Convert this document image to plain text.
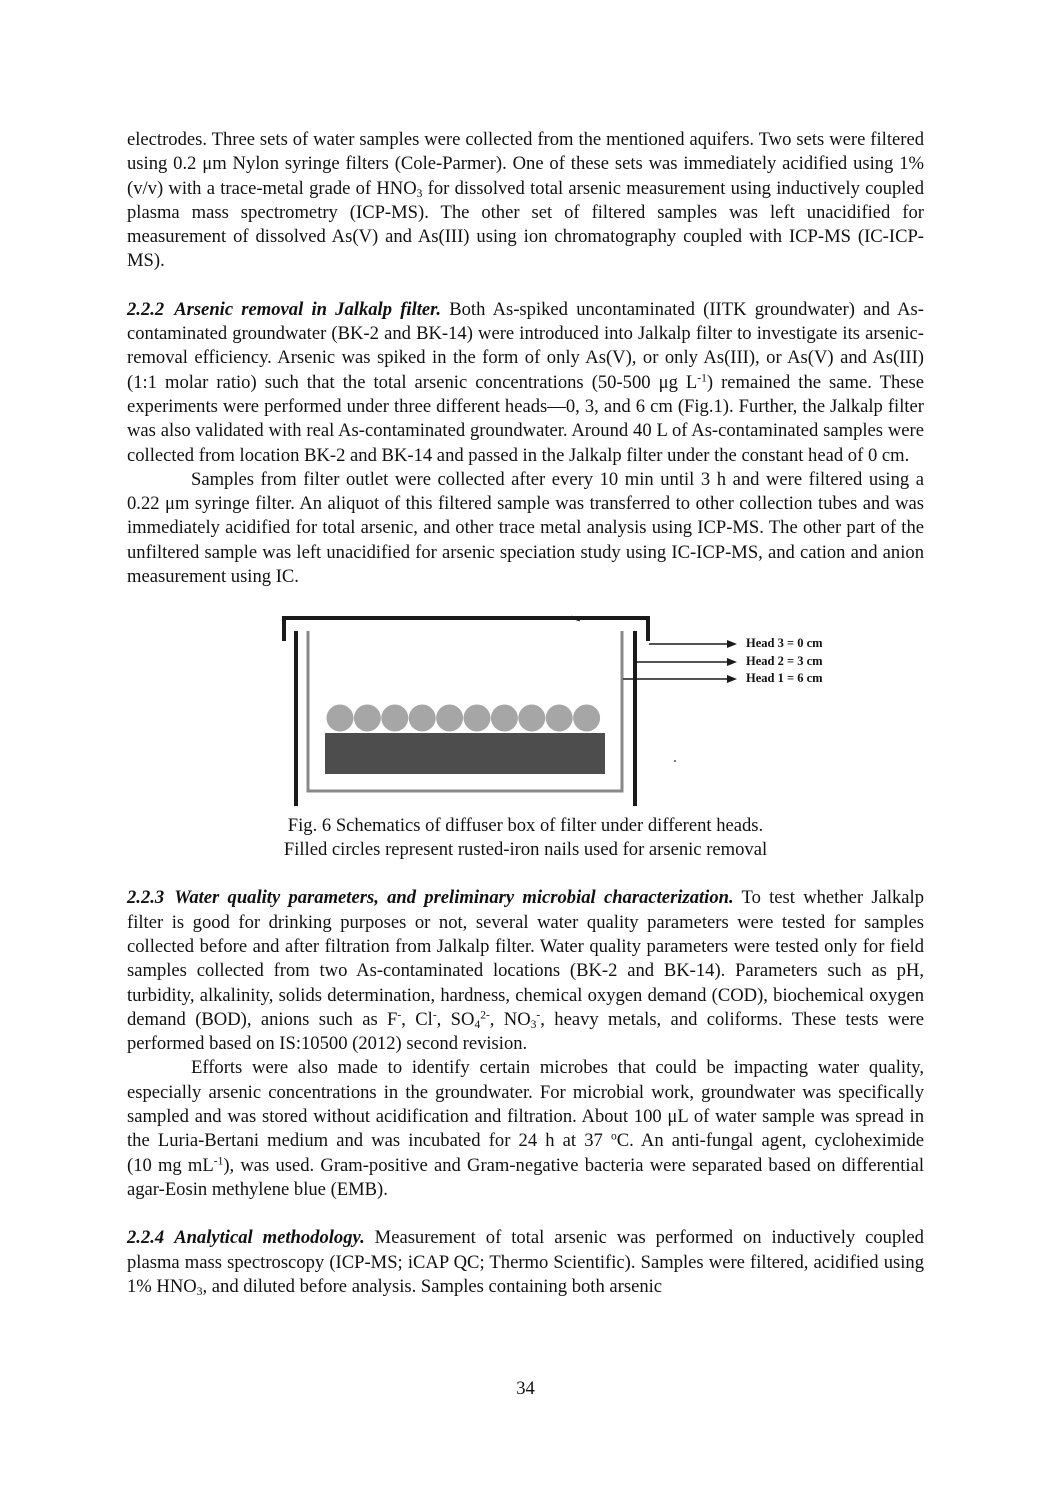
electrodes. Three sets of water samples were collected from the mentioned aquifers. Two sets were filtered using 0.2 μm Nylon syringe filters (Cole-Parmer). One of these sets was immediately acidified using 1% (v/v) with a trace-metal grade of $HNO_3$ for dissolved total arsenic measurement using inductively coupled plasma mass spectrometry (ICP-MS). The other set of filtered samples was left unacidified for measurement of dissolved As(V) and As(III) using ion chromatography coupled with ICP-MS (IC-ICP-MS).

2.2.2 Arsenic removal in Jalkalp filter. Both As-spiked uncontaminated (IITK groundwater) and As-contaminated groundwater (BK-2 and BK-14) were introduced into Jalkalp filter to investigate its arsenic-removal efficiency. Arsenic was spiked in the form of only As(V), or only As(III), or As(V) and As(III) (1:1 molar ratio) such that the total arsenic concentrations (50-500 μg $L^{-1}$) remained the same. These experiments were performed under three different heads—0, 3, and 6 cm (Fig.1). Further, the Jalkalp filter was also validated with real As-contaminated groundwater. Around 40 L of As-contaminated samples were collected from location BK-2 and BK-14 and passed in the Jalkalp filter under the constant head of 0 cm.

Samples from filter outlet were collected after every 10 min until 3 h and were filtered using a 0.22 μm syringe filter. An aliquot of this filtered sample was transferred to other collection tubes and was immediately acidified for total arsenic, and other trace metal analysis using ICP-MS. The other part of the unfiltered sample was left unacidified for arsenic speciation study using IC-ICP-MS, and cation and anion measurement using IC.

Head 3 = 0 cm
Head 2 = 3 cm
Head 1 = 6 cm

Fig. 6 Schematics of diffuser box of filter under different heads.
Filled circles represent rusted-iron nails used for arsenic removal

2.2.3 Water quality parameters, and preliminary microbial characterization. To test whether Jalkalp filter is good for drinking purposes or not, several water quality parameters were tested for samples collected before and after filtration from Jalkalp filter. Water quality parameters were tested only for field samples collected from two As-contaminated locations (BK-2 and BK-14). Parameters such as pH, turbidity, alkalinity, solids determination, hardness, chemical oxygen demand (COD), biochemical oxygen demand (BOD), anions such as F-, Cl-, $SO_4^{2-}$, $NO_3^-$, heavy metals, and coliforms. These tests were performed based on IS:10500 (2012) second revision.

Efforts were also made to identify certain microbes that could be impacting water quality, especially arsenic concentrations in the groundwater. For microbial work, groundwater was specifically sampled and was stored without acidification and filtration. About 100 μL of water sample was spread in the Luria-Bertani medium and was incubated for 24 h at 37 $^o$C. An anti-fungal agent, cycloheximide (10 mg $mL^{-1}$), was used. Gram-positive and Gram-negative bacteria were separated based on differential agar-Eosin methylene blue (EMB).

2.2.4 Analytical methodology. Measurement of total arsenic was performed on inductively coupled plasma mass spectroscopy (ICP-MS; iCAP QC; Thermo Scientific). Samples were filtered, acidified using 1% $HNO_3$, and diluted before analysis. Samples containing both arsenic

34
